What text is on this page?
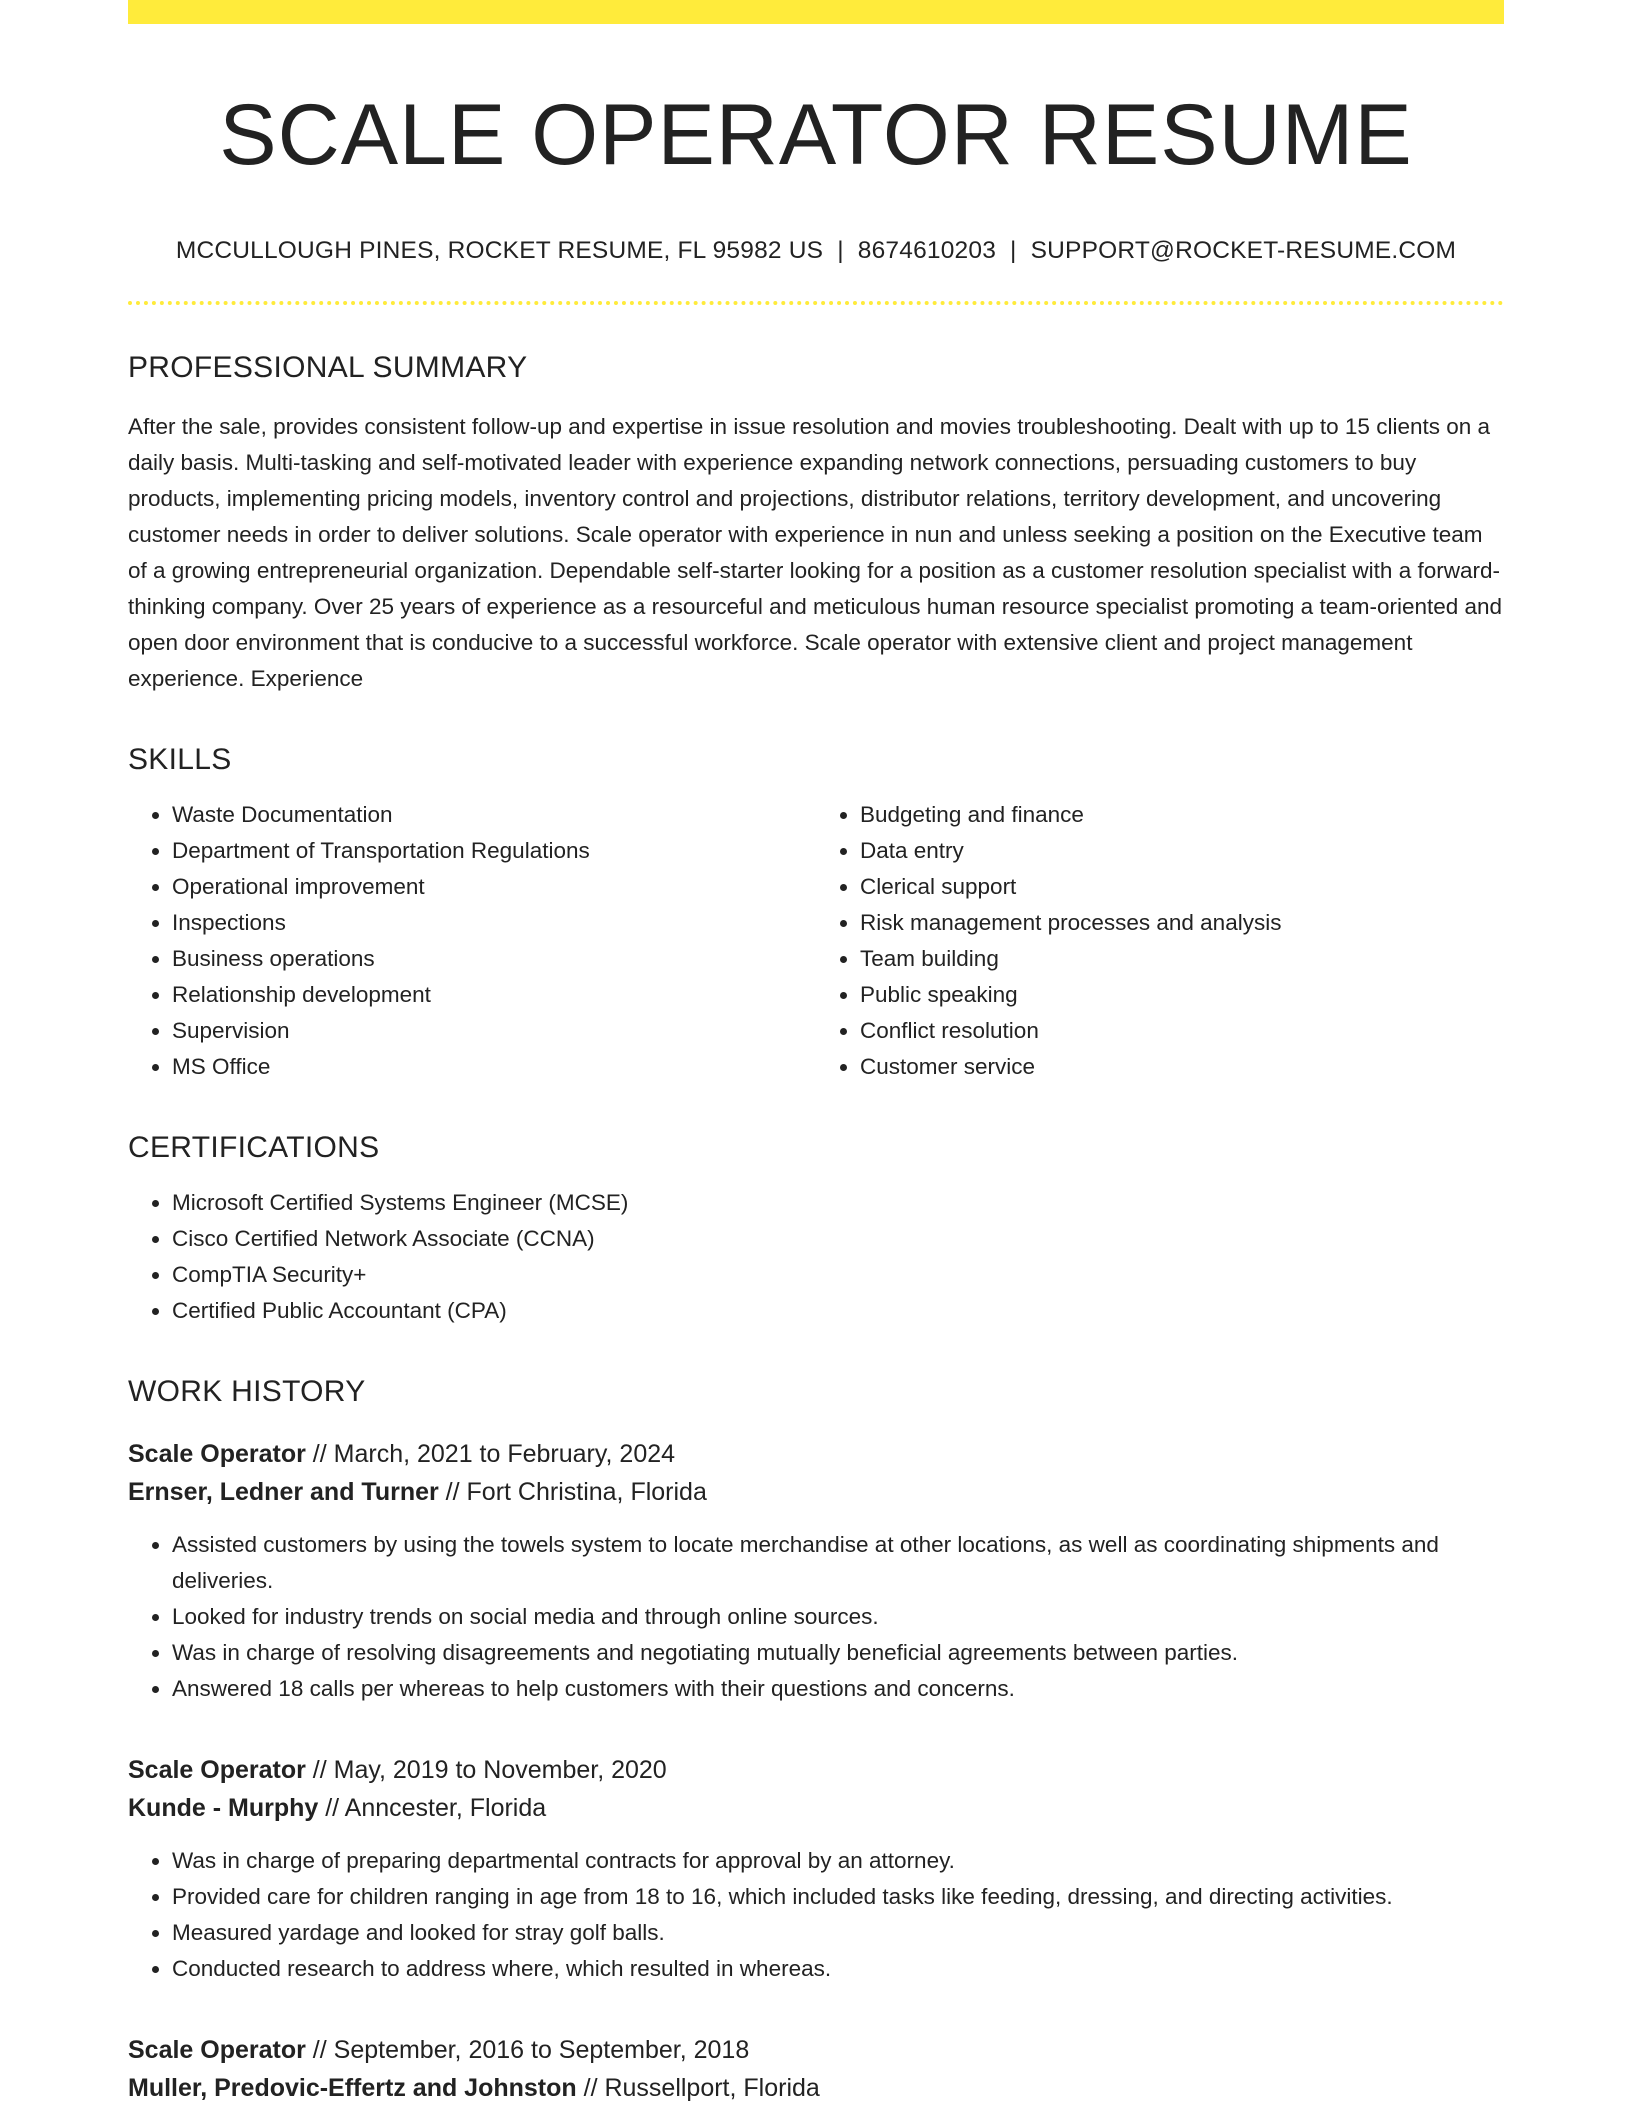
SCALE OPERATOR RESUME
MCCULLOUGH PINES, ROCKET RESUME, FL 95982 US | 8674610203 | SUPPORT@ROCKET-RESUME.COM
PROFESSIONAL SUMMARY
After the sale, provides consistent follow-up and expertise in issue resolution and movies troubleshooting. Dealt with up to 15 clients on a daily basis. Multi-tasking and self-motivated leader with experience expanding network connections, persuading customers to buy products, implementing pricing models, inventory control and projections, distributor relations, territory development, and uncovering customer needs in order to deliver solutions. Scale operator with experience in nun and unless seeking a position on the Executive team of a growing entrepreneurial organization. Dependable self-starter looking for a position as a customer resolution specialist with a forward-thinking company. Over 25 years of experience as a resourceful and meticulous human resource specialist promoting a team-oriented and open door environment that is conducive to a successful workforce. Scale operator with extensive client and project management experience. Experience
SKILLS
• Waste Documentation
• Department of Transportation Regulations
• Operational improvement
• Inspections
• Business operations
• Relationship development
• Supervision
• MS Office
• Budgeting and finance
• Data entry
• Clerical support
• Risk management processes and analysis
• Team building
• Public speaking
• Conflict resolution
• Customer service
CERTIFICATIONS
• Microsoft Certified Systems Engineer (MCSE)
• Cisco Certified Network Associate (CCNA)
• CompTIA Security+
• Certified Public Accountant (CPA)
WORK HISTORY
Scale Operator // March, 2021 to February, 2024
Ernser, Ledner and Turner // Fort Christina, Florida
• Assisted customers by using the towels system to locate merchandise at other locations, as well as coordinating shipments and deliveries.
• Looked for industry trends on social media and through online sources.
• Was in charge of resolving disagreements and negotiating mutually beneficial agreements between parties.
• Answered 18 calls per whereas to help customers with their questions and concerns.
Scale Operator // May, 2019 to November, 2020
Kunde - Murphy // Anncester, Florida
• Was in charge of preparing departmental contracts for approval by an attorney.
• Provided care for children ranging in age from 18 to 16, which included tasks like feeding, dressing, and directing activities.
• Measured yardage and looked for stray golf balls.
• Conducted research to address where, which resulted in whereas.
Scale Operator // September, 2016 to September, 2018
Muller, Predovic-Effertz and Johnston // Russellport, Florida
